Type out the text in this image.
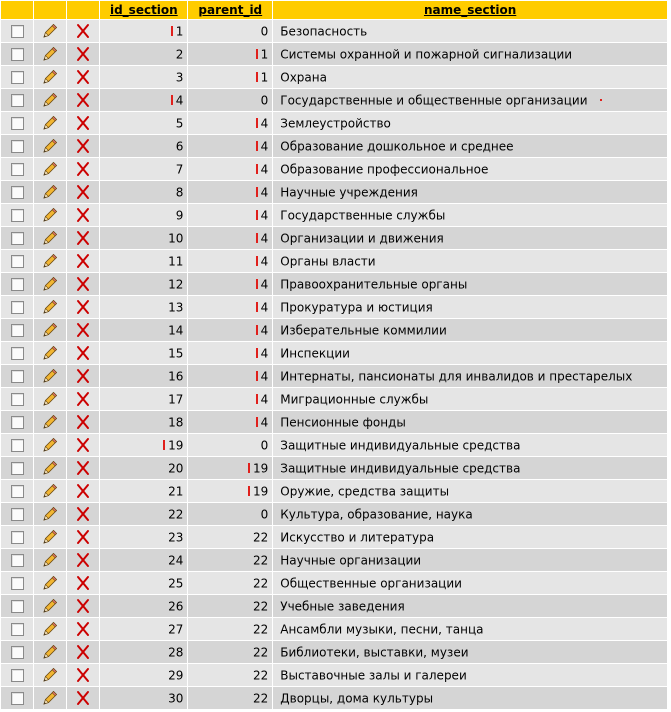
			id_section	parent_id	name_section
			1	0	Безопасность
			2	1	Системы охранной и пожарной сигнализации
			3	1	Охрана
			4	0	Государственные и общественные организации
			5	4	Землеустройство
			6	4	Образование дошкольное и среднее
			7	4	Образование профессиональное
			8	4	Научные учреждения
			9	4	Государственные службы
			10	4	Организации и движения
			11	4	Органы власти
			12	4	Правоохранительные органы
			13	4	Прокуратура и юстиция
			14	4	Изберательные коммилии
			15	4	Инспекции
			16	4	Интернаты, пансионаты для инвалидов и престарелых
			17	4	Миграционные службы
			18	4	Пенсионные фонды
			19	0	Защитные индивидуальные средства
			20	19	Защитные индивидуальные средства
			21	19	Оружие, средства защиты
			22	0	Культура, образование, наука
			23	22	Искусство и литература
			24	22	Научные организации
			25	22	Общественные организации
			26	22	Учебные заведения
			27	22	Ансамбли музыки, песни, танца
			28	22	Библиотеки, выставки, музеи
			29	22	Выставочные залы и галереи
			30	22	Дворцы, дома культуры
